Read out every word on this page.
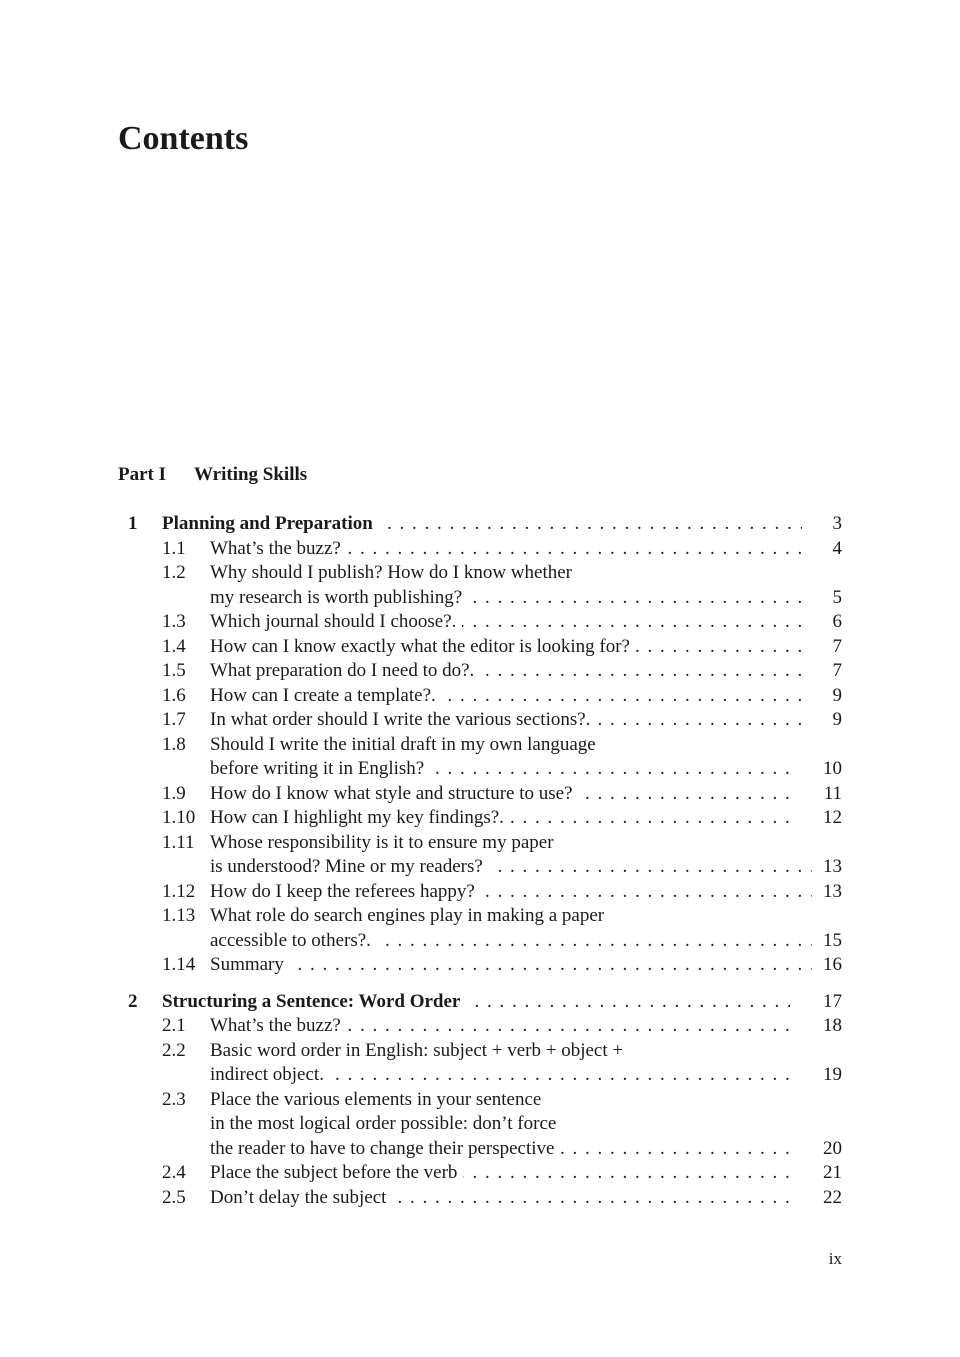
Contents
Part I Writing Skills
1	Planning and Preparation . . .	3
1.1	What’s the buzz? . . .	4
1.2	Why should I publish? How do I know whether
my research is worth publishing? . . .	5
1.3	Which journal should I choose?. . . .	6
1.4	How can I know exactly what the editor is looking for? . . .	7
1.5	What preparation do I need to do?. . . .	7
1.6	How can I create a template?. . . .	9
1.7	In what order should I write the various sections?. . . .	9
1.8	Should I write the initial draft in my own language
before writing it in English? . . .	10
1.9	How do I know what style and structure to use? . . .	11
1.10 How can I highlight my key findings?. . . .	12
1.11 Whose responsibility is it to ensure my paper
is understood? Mine or my readers? . . .	13
1.12 How do I keep the referees happy? . . .	13
1.13 What role do search engines play in making a paper
accessible to others?. . . .	15
1.14 Summary . . .	16
2	Structuring a Sentence: Word Order . . .	17
2.1	What’s the buzz? . . .	18
2.2	Basic word order in English: subject + verb + object +
indirect object. . . .	19
2.3	Place the various elements in your sentence
in the most logical order possible: don’t force
the reader to have to change their perspective . . .	20
2.4	Place the subject before the verb . . .	21
2.5	Don’t delay the subject . . .	22
ix
